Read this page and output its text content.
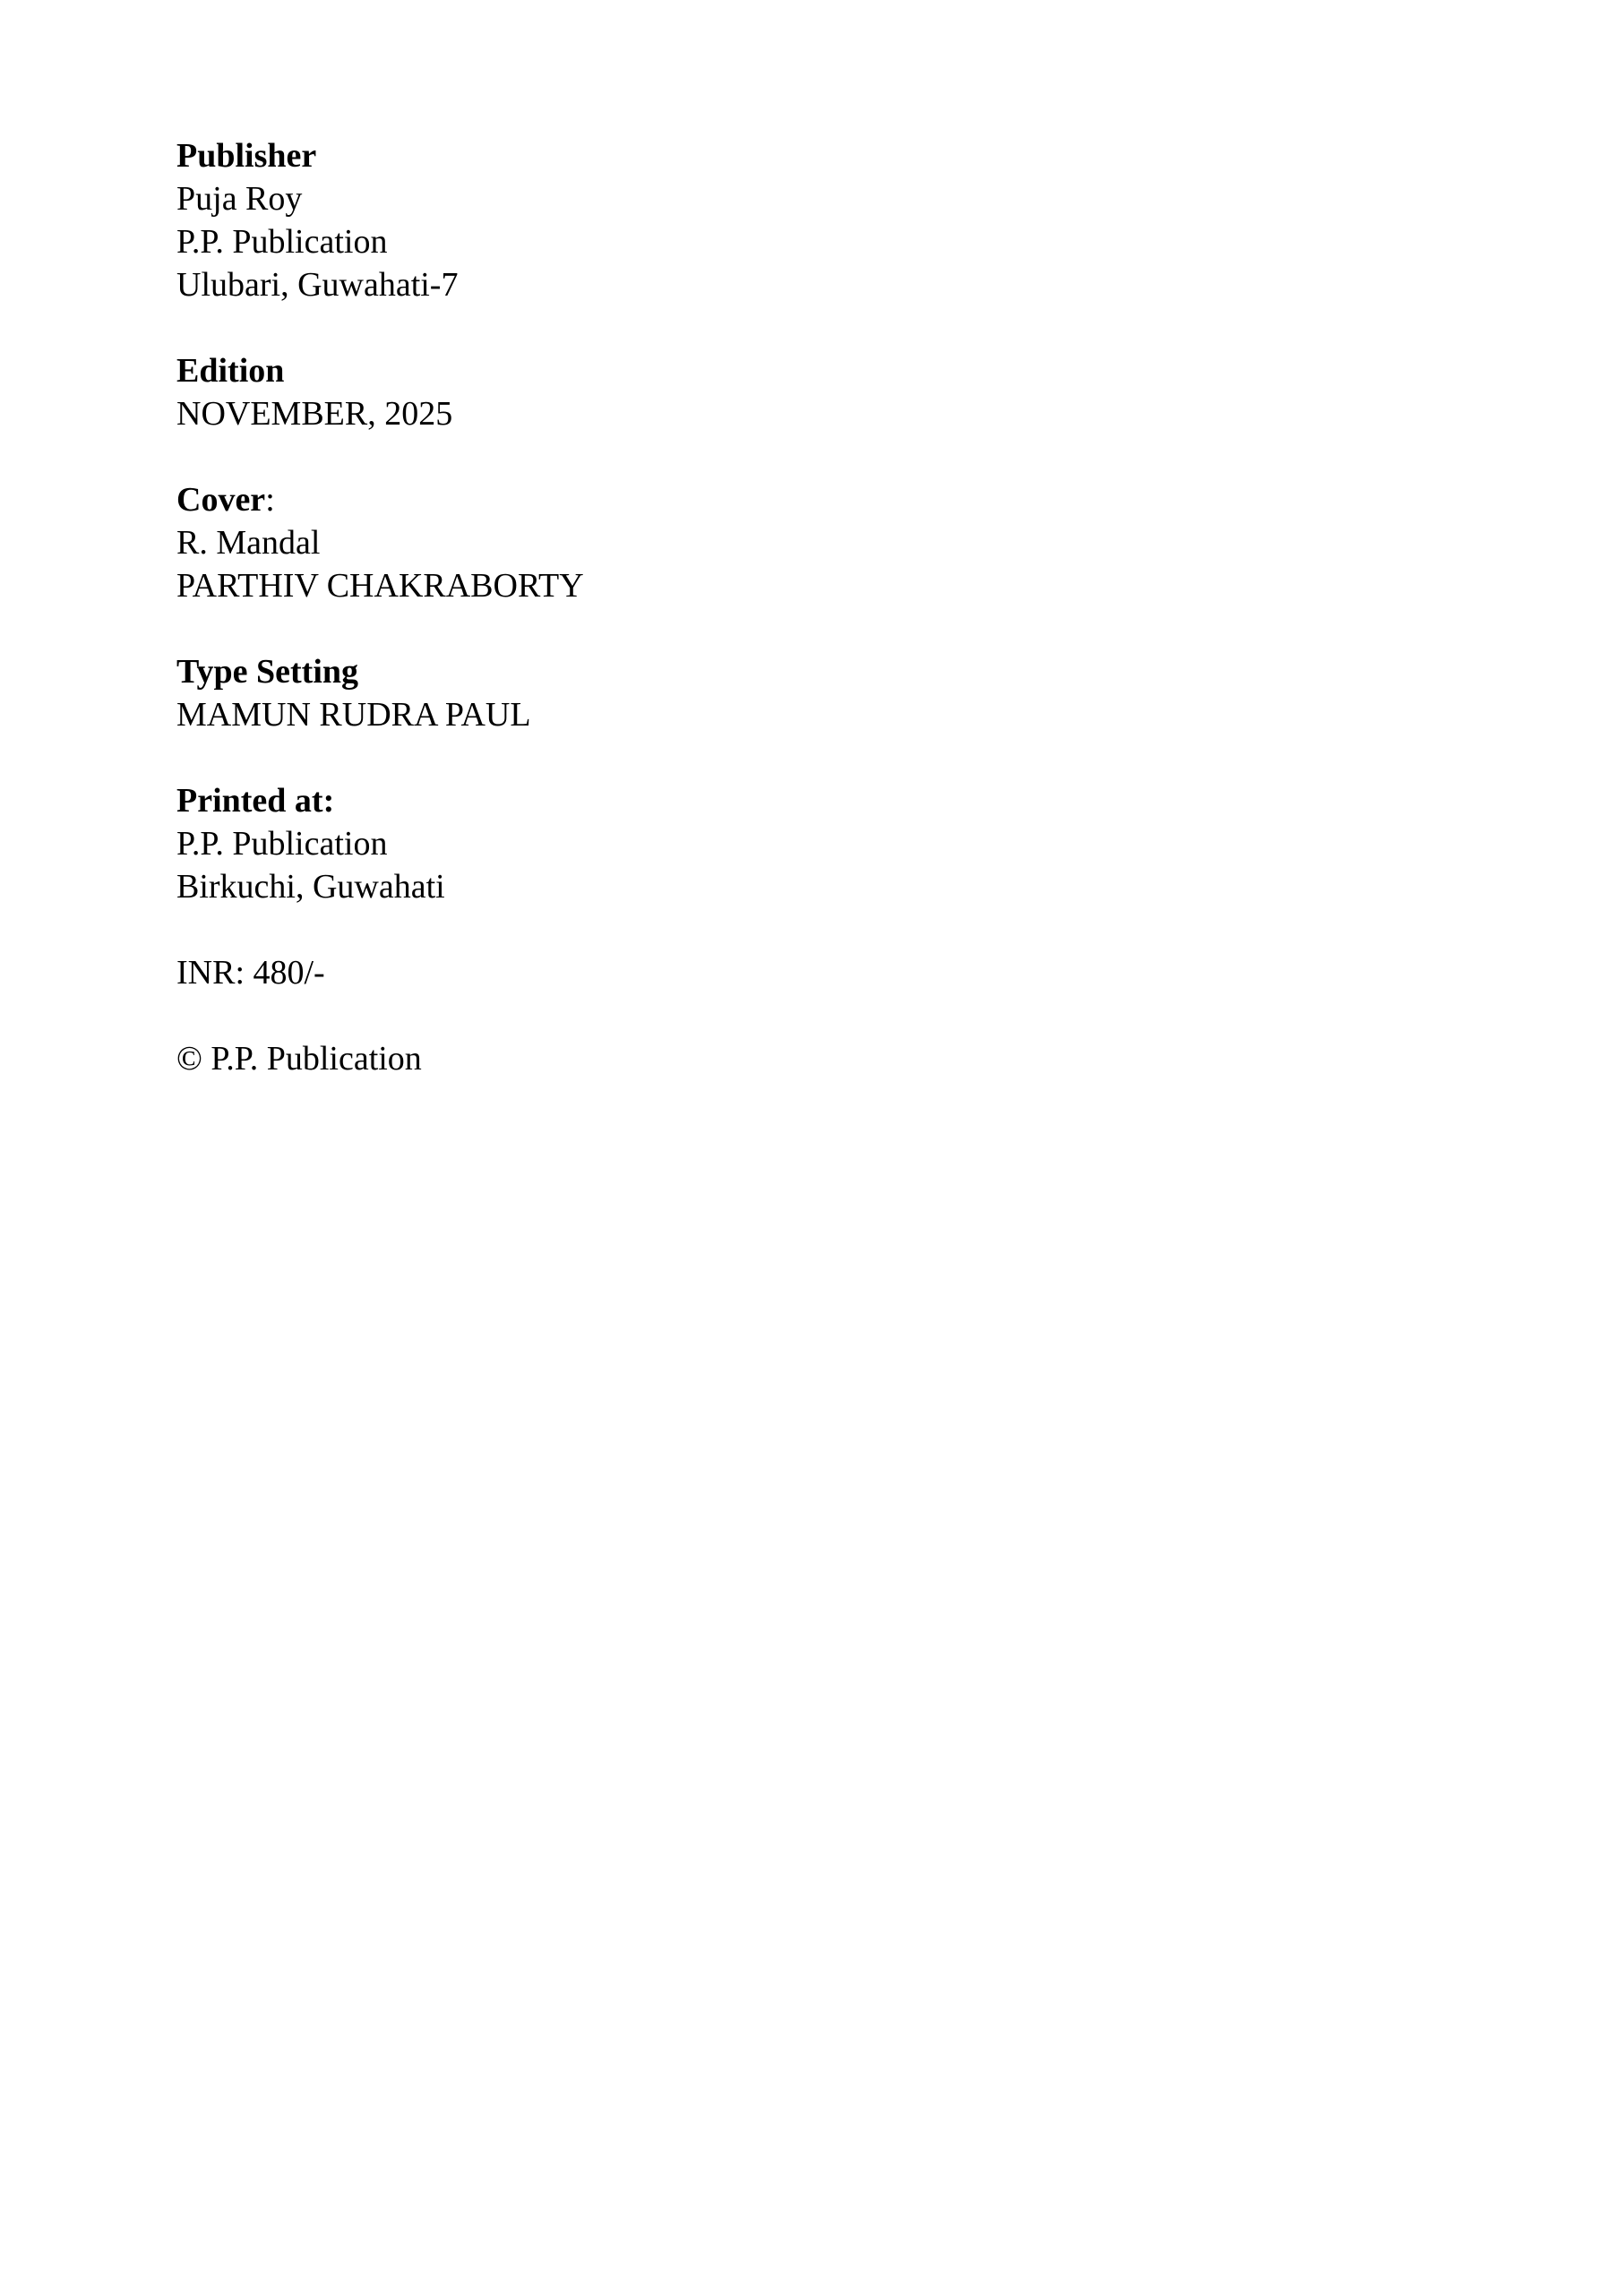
Publisher

Puja Roy

P.P. Publication

Ulubari, Guwahati-7

Edition

NOVEMBER, 2025

Cover:

R. Mandal

PARTHIV CHAKRABORTY

Type Setting

MAMUN RUDRA PAUL

Printed at:

P.P. Publication

Birkuchi, Guwahati

INR: 480/-

© P.P. Publication
